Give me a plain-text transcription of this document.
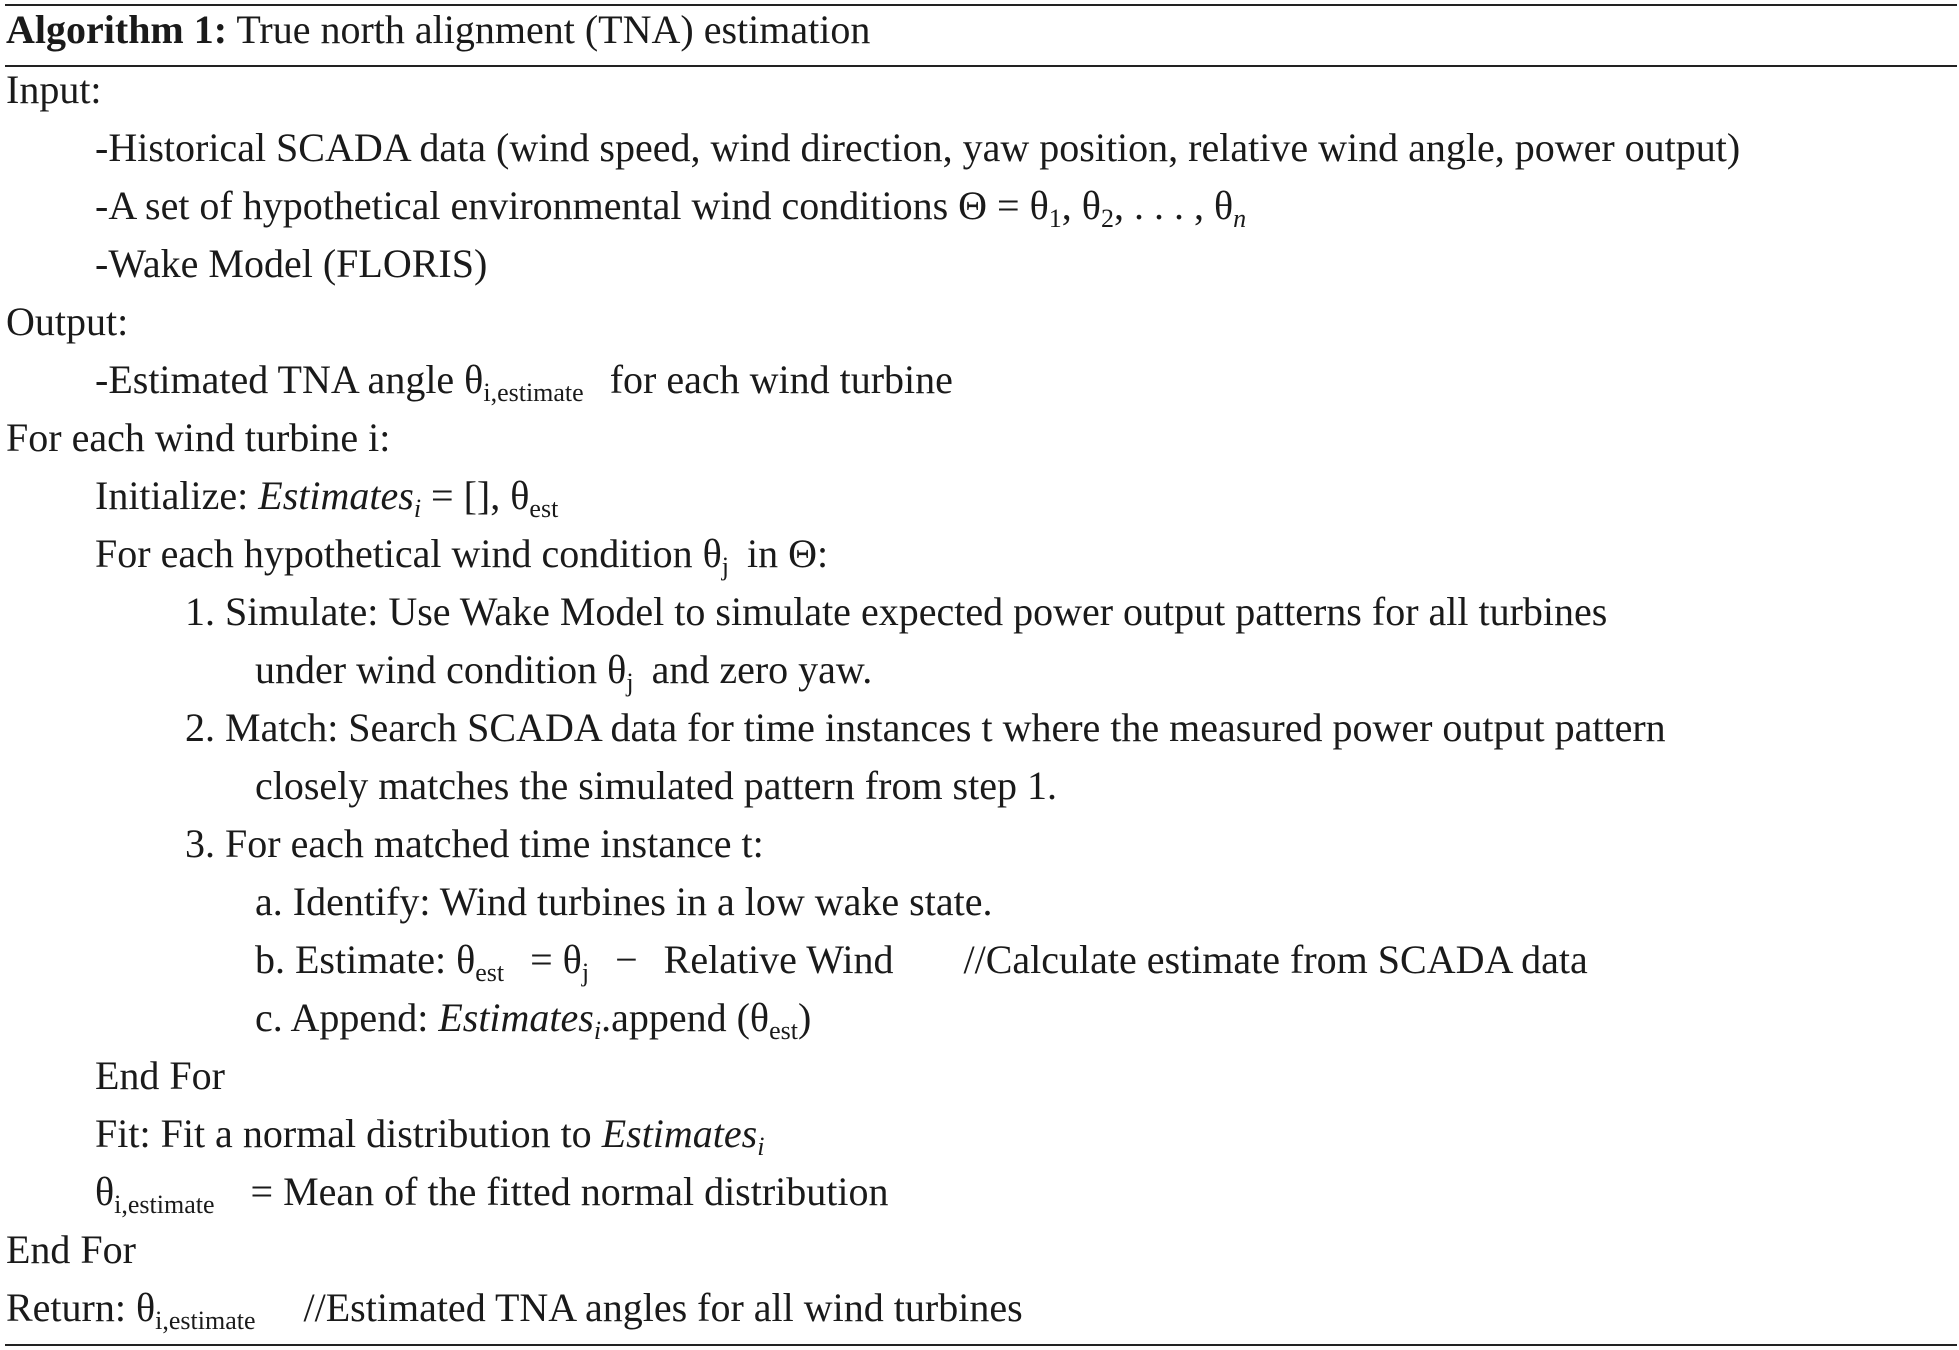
Algorithm 1: True north alignment (TNA) estimation
Input:
-Historical SCADA data (wind speed, wind direction, yaw position, relative wind angle, power output)
-A set of hypothetical environmental wind conditions $\Theta = \theta_1$, $\theta_2$, . . . , $\theta_n$
-Wake Model (FLORIS)
Output:
-Estimated TNA angle $\theta_{i,estimate}$ for each wind turbine
For each wind turbine i:
Initialize: Estimates$_i$ = [], $\theta_{est}$
For each hypothetical wind condition $\theta_j$ in Θ:
1. Simulate: Use Wake Model to simulate expected power output patterns for all turbines
under wind condition $\theta_j$ and zero yaw.
2. Match: Search SCADA data for time instances t where the measured power output pattern
closely matches the simulated pattern from step 1.
3. For each matched time instance t:
a. Identify: Wind turbines in a low wake state.
b. Estimate: $\theta_{est} = \theta_j$ − Relative Wind //Calculate estimate from SCADA data
c. Append: Estimates$_i$.append $(\theta_{est})$
End For
Fit: Fit a normal distribution to Estimates$_i$
$\theta_{i,estimate}$ = Mean of the fitted normal distribution
End For
Return: $\theta_{i,estimate}$ //Estimated TNA angles for all wind turbines
